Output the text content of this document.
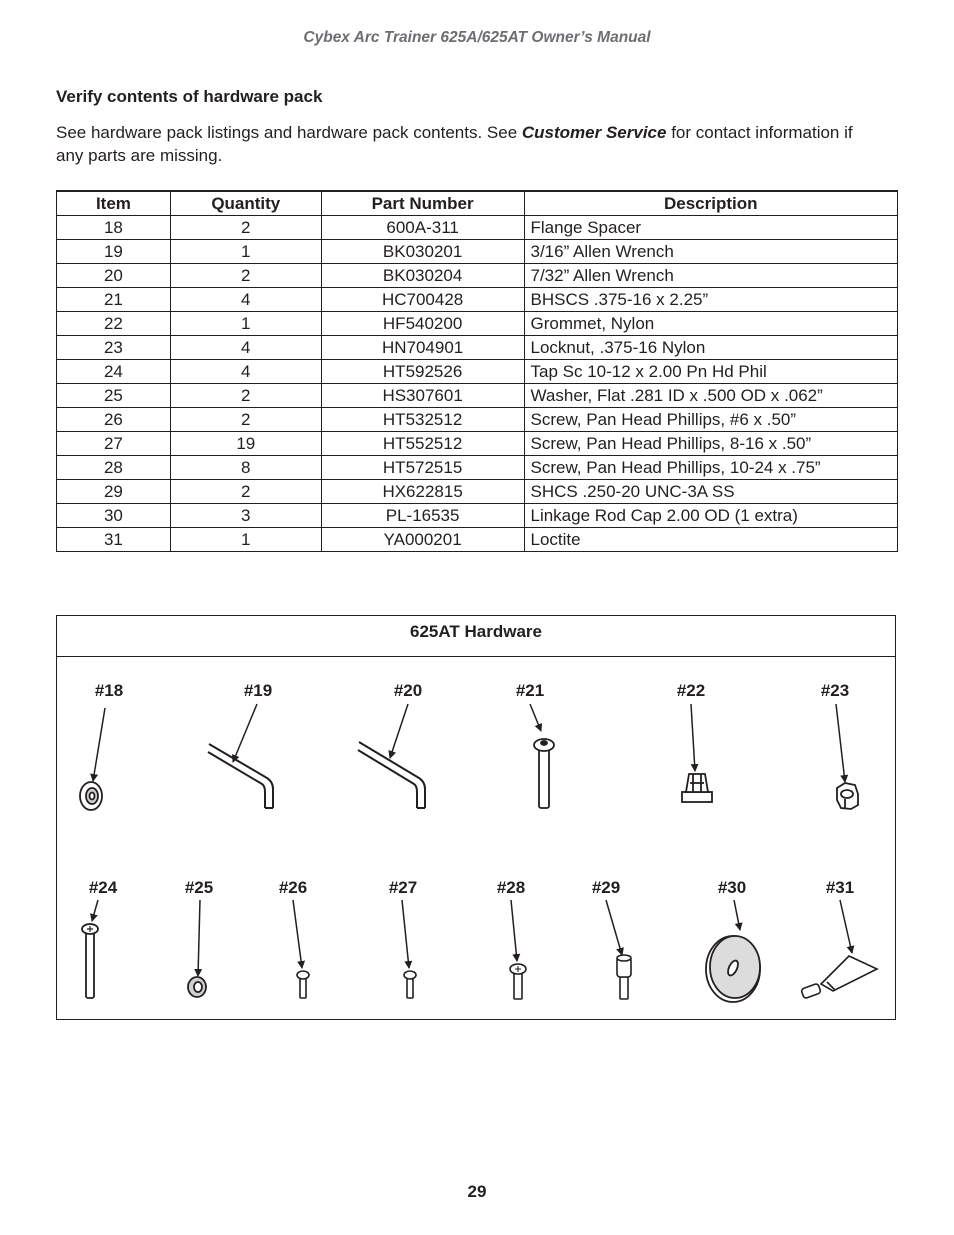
Cybex Arc Trainer 625A/625AT Owner’s Manual
Verify contents of hardware pack
See hardware pack listings and hardware pack contents. See Customer Service for contact information if any parts are missing.
Item	Quantity	Part Number	Description
18	2	600A-311	Flange Spacer
19	1	BK030201	3/16” Allen Wrench
20	2	BK030204	7/32” Allen Wrench
21	4	HC700428	BHSCS .375-16 x 2.25”
22	1	HF540200	Grommet, Nylon
23	4	HN704901	Locknut, .375-16 Nylon
24	4	HT592526	Tap Sc 10-12 x 2.00 Pn Hd Phil
25	2	HS307601	Washer, Flat .281 ID x .500 OD x .062”
26	2	HT532512	Screw, Pan Head Phillips, #6 x .50”
27	19	HT552512	Screw, Pan Head Phillips, 8-16 x .50”
28	8	HT572515	Screw, Pan Head Phillips, 10-24 x .75”
29	2	HX622815	SHCS .250-20 UNC-3A SS
30	3	PL-16535	Linkage Rod Cap 2.00 OD (1 extra)
31	1	YA000201	Loctite
625AT Hardware
#18	#19	#20	#21	#22	#23
#24	#25	#26	#27	#28	#29	#30	#31
29
